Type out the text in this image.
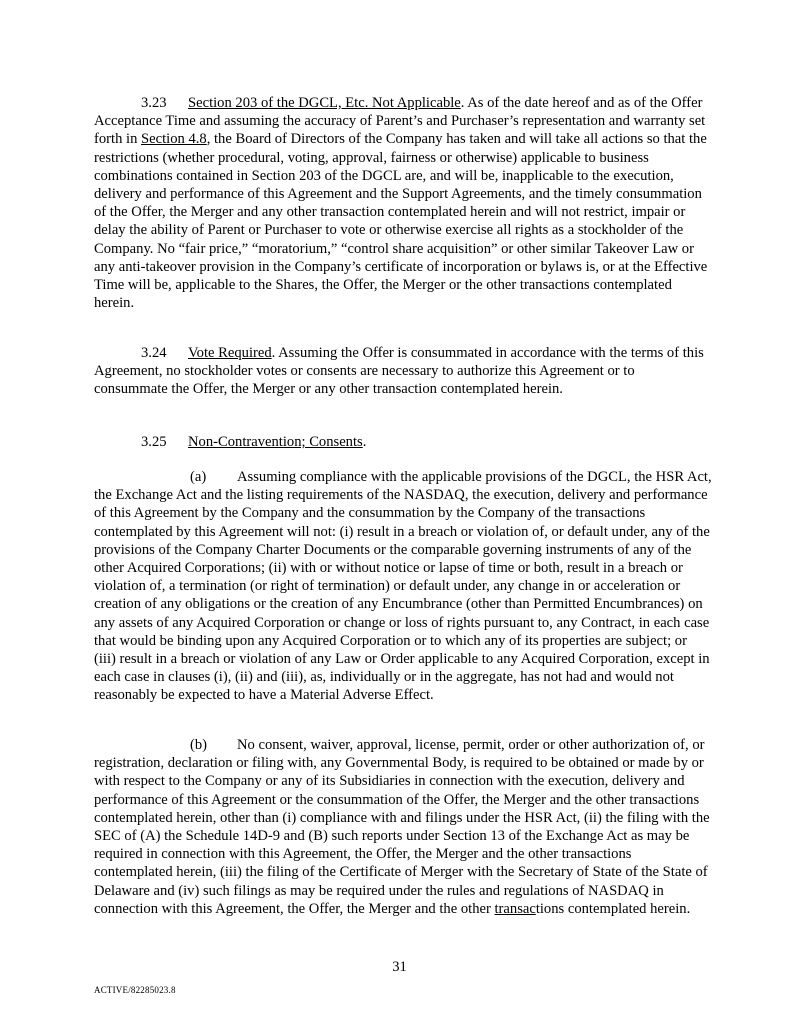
3.23 Section 203 of the DGCL, Etc. Not Applicable. As of the date hereof and as of the Offer Acceptance Time and assuming the accuracy of Parent’s and Purchaser’s representation and warranty set forth in Section 4.8, the Board of Directors of the Company has taken and will take all actions so that the restrictions (whether procedural, voting, approval, fairness or otherwise) applicable to business combinations contained in Section 203 of the DGCL are, and will be, inapplicable to the execution, delivery and performance of this Agreement and the Support Agreements, and the timely consummation of the Offer, the Merger and any other transaction contemplated herein and will not restrict, impair or delay the ability of Parent or Purchaser to vote or otherwise exercise all rights as a stockholder of the Company. No “fair price,” “moratorium,” “control share acquisition” or other similar Takeover Law or any anti-takeover provision in the Company’s certificate of incorporation or bylaws is, or at the Effective Time will be, applicable to the Shares, the Offer, the Merger or the other transactions contemplated herein.

3.24 Vote Required. Assuming the Offer is consummated in accordance with the terms of this Agreement, no stockholder votes or consents are necessary to authorize this Agreement or to consummate the Offer, the Merger or any other transaction contemplated herein.

3.25 Non-Contravention; Consents.

(a) Assuming compliance with the applicable provisions of the DGCL, the HSR Act, the Exchange Act and the listing requirements of the NASDAQ, the execution, delivery and performance of this Agreement by the Company and the consummation by the Company of the transactions contemplated by this Agreement will not: (i) result in a breach or violation of, or default under, any of the provisions of the Company Charter Documents or the comparable governing instruments of any of the other Acquired Corporations; (ii) with or without notice or lapse of time or both, result in a breach or violation of, a termination (or right of termination) or default under, any change in or acceleration or creation of any obligations or the creation of any Encumbrance (other than Permitted Encumbrances) on any assets of any Acquired Corporation or change or loss of rights pursuant to, any Contract, in each case that would be binding upon any Acquired Corporation or to which any of its properties are subject; or (iii) result in a breach or violation of any Law or Order applicable to any Acquired Corporation, except in each case in clauses (i), (ii) and (iii), as, individually or in the aggregate, has not had and would not reasonably be expected to have a Material Adverse Effect.

(b) No consent, waiver, approval, license, permit, order or other authorization of, or registration, declaration or filing with, any Governmental Body, is required to be obtained or made by or with respect to the Company or any of its Subsidiaries in connection with the execution, delivery and performance of this Agreement or the consummation of the Offer, the Merger and the other transactions contemplated herein, other than (i) compliance with and filings under the HSR Act, (ii) the filing with the SEC of (A) the Schedule 14D-9 and (B) such reports under Section 13 of the Exchange Act as may be required in connection with this Agreement, the Offer, the Merger and the other transactions contemplated herein, (iii) the filing of the Certificate of Merger with the Secretary of State of the State of Delaware and (iv) such filings as may be required under the rules and regulations of NASDAQ in connection with this Agreement, the Offer, the Merger and the other transactions contemplated herein.

31
ACTIVE/82285023.8
